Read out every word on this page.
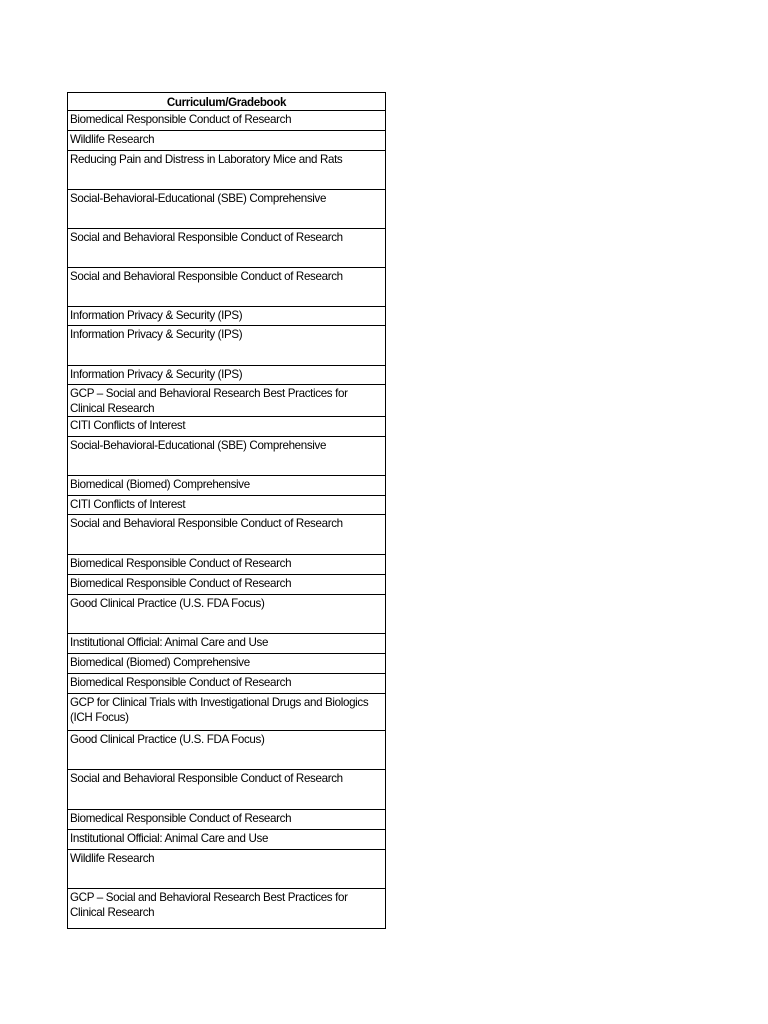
Curriculum/Gradebook
Biomedical Responsible Conduct of Research
Wildlife Research
Reducing Pain and Distress in Laboratory Mice and Rats
Social-Behavioral-Educational (SBE) Comprehensive
Social and Behavioral Responsible Conduct of Research
Social and Behavioral Responsible Conduct of Research
Information Privacy & Security (IPS)
Information Privacy & Security (IPS)
Information Privacy & Security (IPS)
GCP – Social and Behavioral Research Best Practices for Clinical Research
CITI Conflicts of Interest
Social-Behavioral-Educational (SBE) Comprehensive
Biomedical (Biomed) Comprehensive
CITI Conflicts of Interest
Social and Behavioral Responsible Conduct of Research
Biomedical Responsible Conduct of Research
Biomedical Responsible Conduct of Research
Good Clinical Practice (U.S. FDA Focus)
Institutional Official: Animal Care and Use
Biomedical (Biomed) Comprehensive
Biomedical Responsible Conduct of Research
GCP for Clinical Trials with Investigational Drugs and Biologics (ICH Focus)
Good Clinical Practice (U.S. FDA Focus)
Social and Behavioral Responsible Conduct of Research
Biomedical Responsible Conduct of Research
Institutional Official: Animal Care and Use
Wildlife Research
GCP – Social and Behavioral Research Best Practices for Clinical Research
